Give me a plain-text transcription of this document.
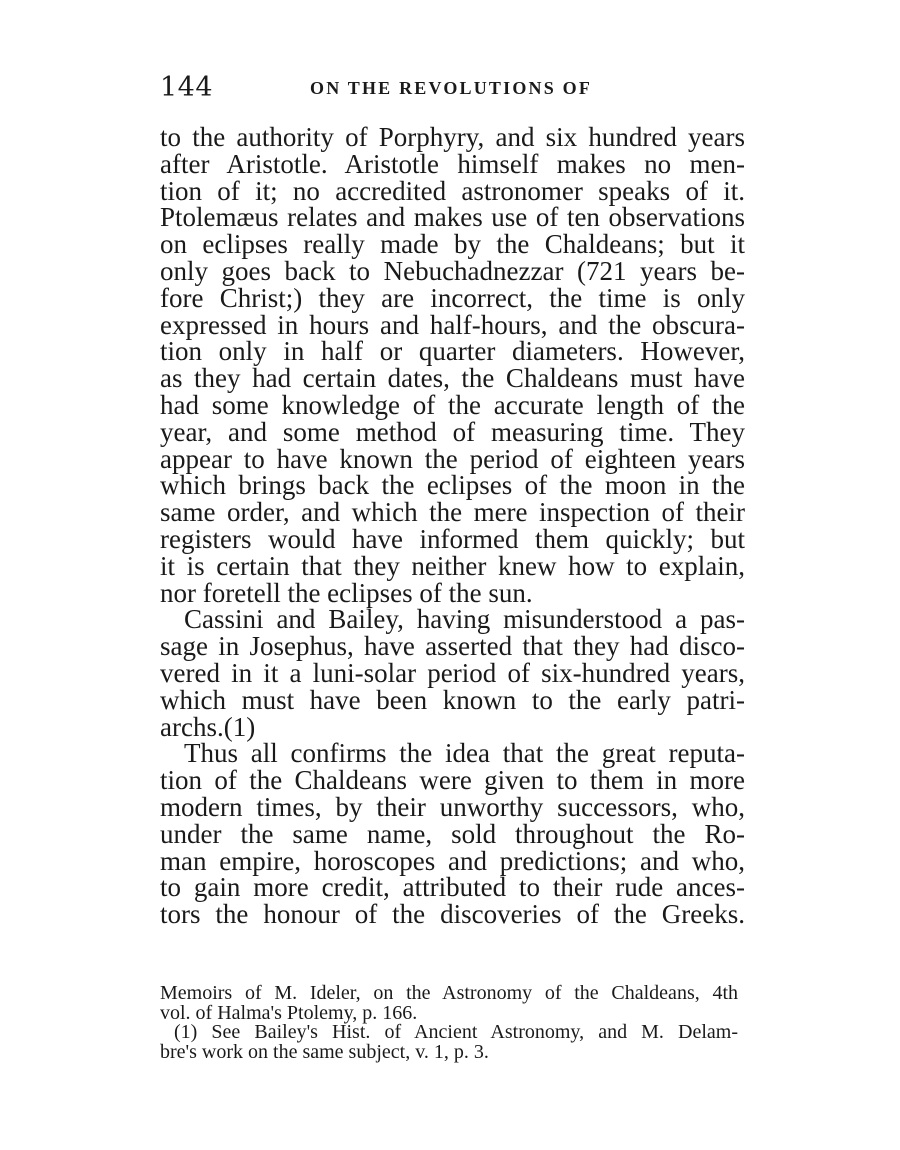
144	ON THE REVOLUTIONS OF
to the authority of Porphyry, and six hundred years
after Aristotle. Aristotle himself makes no men-
tion of it; no accredited astronomer speaks of it.
Ptolemæus relates and makes use of ten observations
on eclipses really made by the Chaldeans; but it
only goes back to Nebuchadnezzar (721 years be-
fore Christ;) they are incorrect, the time is only
expressed in hours and half-hours, and the obscura-
tion only in half or quarter diameters. However,
as they had certain dates, the Chaldeans must have
had some knowledge of the accurate length of the
year, and some method of measuring time. They
appear to have known the period of eighteen years
which brings back the eclipses of the moon in the
same order, and which the mere inspection of their
registers would have informed them quickly; but
it is certain that they neither knew how to explain,
nor foretell the eclipses of the sun.
Cassini and Bailey, having misunderstood a pas-
sage in Josephus, have asserted that they had disco-
vered in it a luni-solar period of six-hundred years,
which must have been known to the early patri-
archs.(1)
Thus all confirms the idea that the great reputa-
tion of the Chaldeans were given to them in more
modern times, by their unworthy successors, who,
under the same name, sold throughout the Ro-
man empire, horoscopes and predictions; and who,
to gain more credit, attributed to their rude ances-
tors the honour of the discoveries of the Greeks.
Memoirs of M. Ideler, on the Astronomy of the Chaldeans, 4th
vol. of Halma's Ptolemy, p. 166.
(1) See Bailey's Hist. of Ancient Astronomy, and M. Delam-
bre's work on the same subject, v. 1, p. 3.
